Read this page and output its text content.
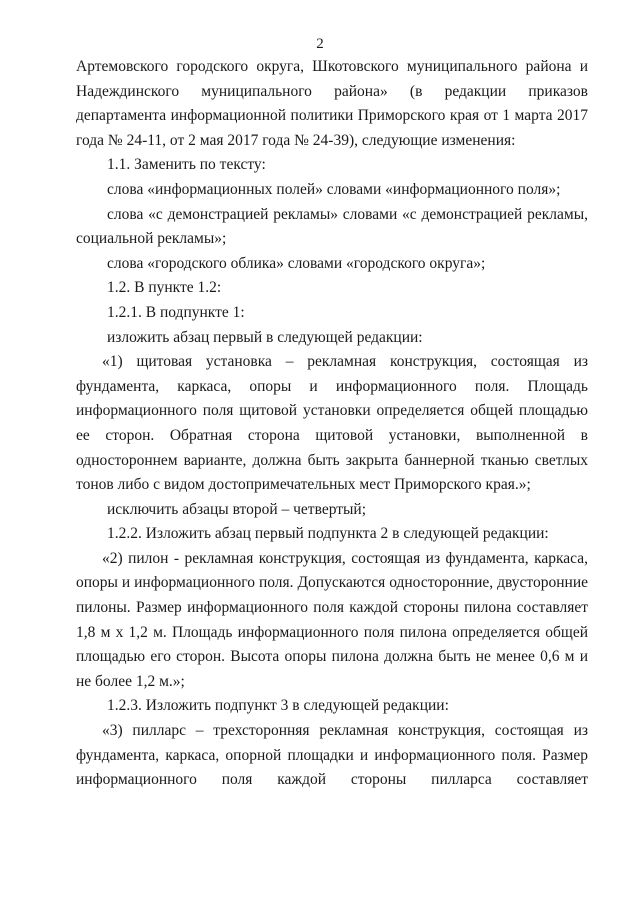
2

Артемовского городского округа, Шкотовского муниципального района и Надеждинского муниципального района» (в редакции приказов департамента информационной политики Приморского края от 1 марта 2017 года № 24-11, от 2 мая 2017 года № 24-39), следующие изменения:

1.1. Заменить по тексту:

слова «информационных полей» словами «информационного поля»;

слова «с демонстрацией рекламы» словами «с демонстрацией рекламы, социальной рекламы»;

слова «городского облика» словами «городского округа»;

1.2. В пункте 1.2:

1.2.1. В подпункте 1:

изложить абзац первый в следующей редакции:

«1) щитовая установка – рекламная конструкция, состоящая из фундамента, каркаса, опоры и информационного поля. Площадь информационного поля щитовой установки определяется общей площадью ее сторон. Обратная сторона щитовой установки, выполненной в одностороннем варианте, должна быть закрыта баннерной тканью светлых тонов либо с видом достопримечательных мест Приморского края.»;

исключить абзацы второй – четвертый;

1.2.2. Изложить абзац первый подпункта 2 в следующей редакции:

«2) пилон - рекламная конструкция, состоящая из фундамента, каркаса, опоры и информационного поля. Допускаются односторонние, двусторонние пилоны. Размер информационного поля каждой стороны пилона составляет 1,8 м х 1,2 м. Площадь информационного поля пилона определяется общей площадью его сторон. Высота опоры пилона должна быть не менее 0,6 м и не более 1,2 м.»;

1.2.3. Изложить подпункт 3 в следующей редакции:

«3) пилларс – трехсторонняя рекламная конструкция, состоящая из фундамента, каркаса, опорной площадки и информационного поля. Размер информационного поля каждой стороны пилларса составляет
